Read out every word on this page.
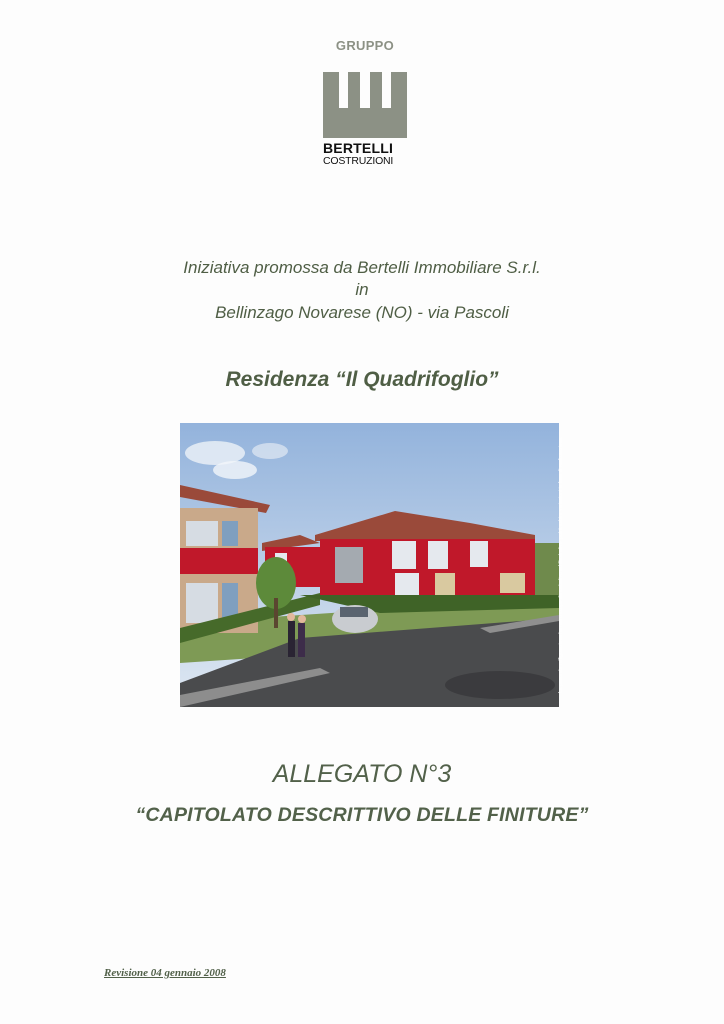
GRUPPO
BERTELLI
COSTRUZIONI
Iniziativa promossa da Bertelli Immobiliare S.r.l.
in
Bellinzago Novarese (NO) - via Pascoli
Residenza “Il Quadrifoglio”
La presente raffigurazione ha mero scopo dimostrativo ed illustrativo, potrà subire variazioni in fase di realizzazione.
ALLEGATO N°3
“CAPITOLATO DESCRITTIVO DELLE FINITURE”
Revisione 04 gennaio 2008
